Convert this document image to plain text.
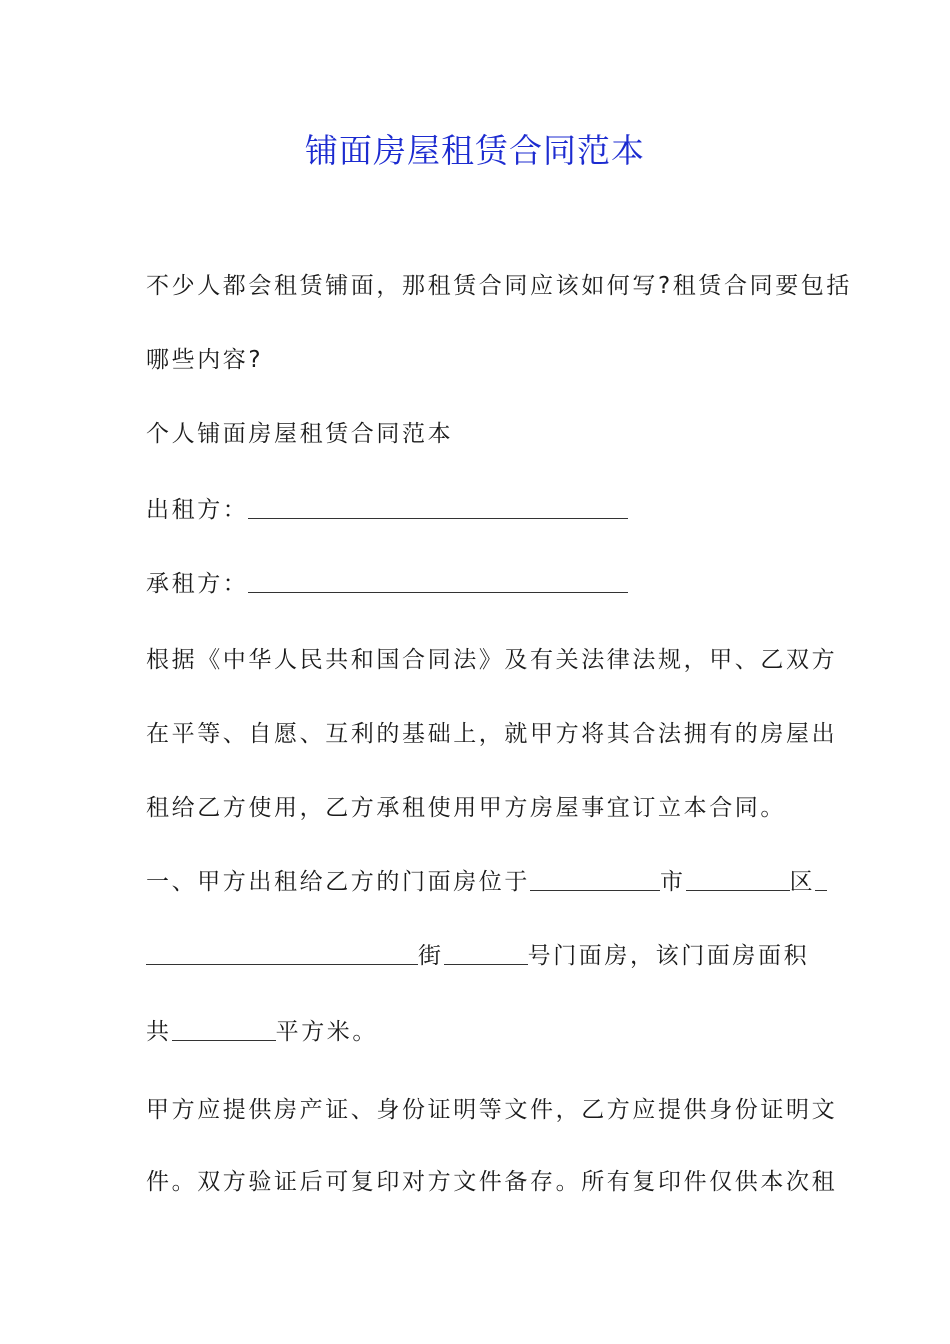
铺面房屋租赁合同范本
不少人都会租赁铺面，那租赁合同应该如何写?租赁合同要包括
哪些内容?
个人铺面房屋租赁合同范本
出租方：
承租方：
根据《中华人民共和国合同法》及有关法律法规，甲、乙双方
在平等、自愿、互利的基础上，就甲方将其合法拥有的房屋出
租给乙方使用，乙方承租使用甲方房屋事宜订立本合同。
一、甲方出租给乙方的门面房位于	市	区
街	号门面房，该门面房面积
共	平方米。
甲方应提供房产证、身份证明等文件，乙方应提供身份证明文
件。双方验证后可复印对方文件备存。所有复印件仅供本次租
